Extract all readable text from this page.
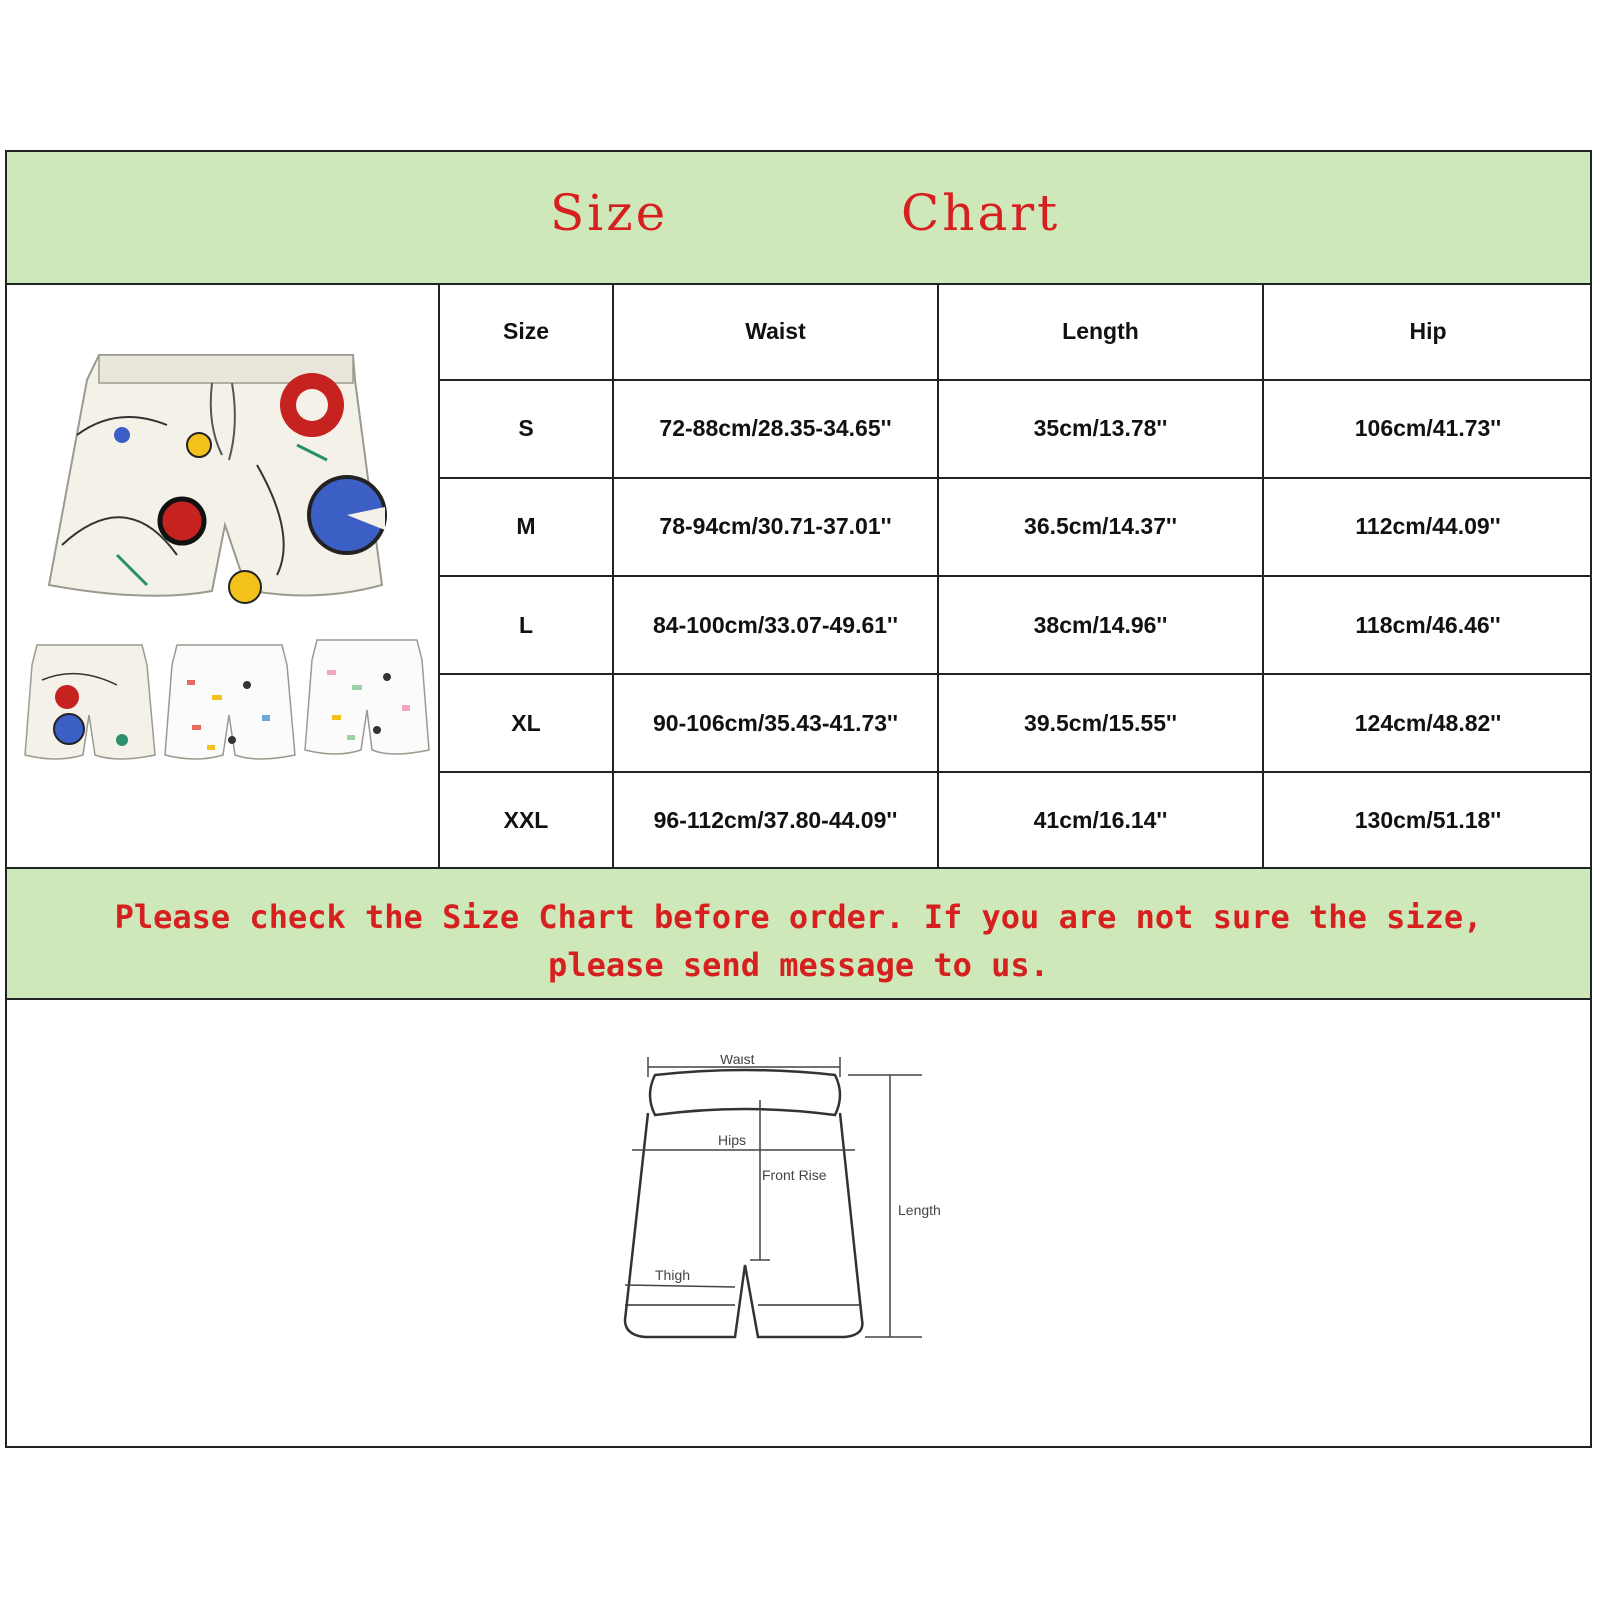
Size	Chart
Size	Waist	Length	Hip
S	72-88cm/28.35-34.65''	35cm/13.78''	106cm/41.73''
M	78-94cm/30.71-37.01''	36.5cm/14.37''	112cm/44.09''
L	84-100cm/33.07-49.61''	38cm/14.96''	118cm/46.46''
XL	90-106cm/35.43-41.73''	39.5cm/15.55''	124cm/48.82''
XXL	96-112cm/37.80-44.09''	41cm/16.14''	130cm/51.18''
Please check the Size Chart before order. If you are not sure the size,
please send message to us.
Waist
Hips
Front Rise
Thigh
Length
